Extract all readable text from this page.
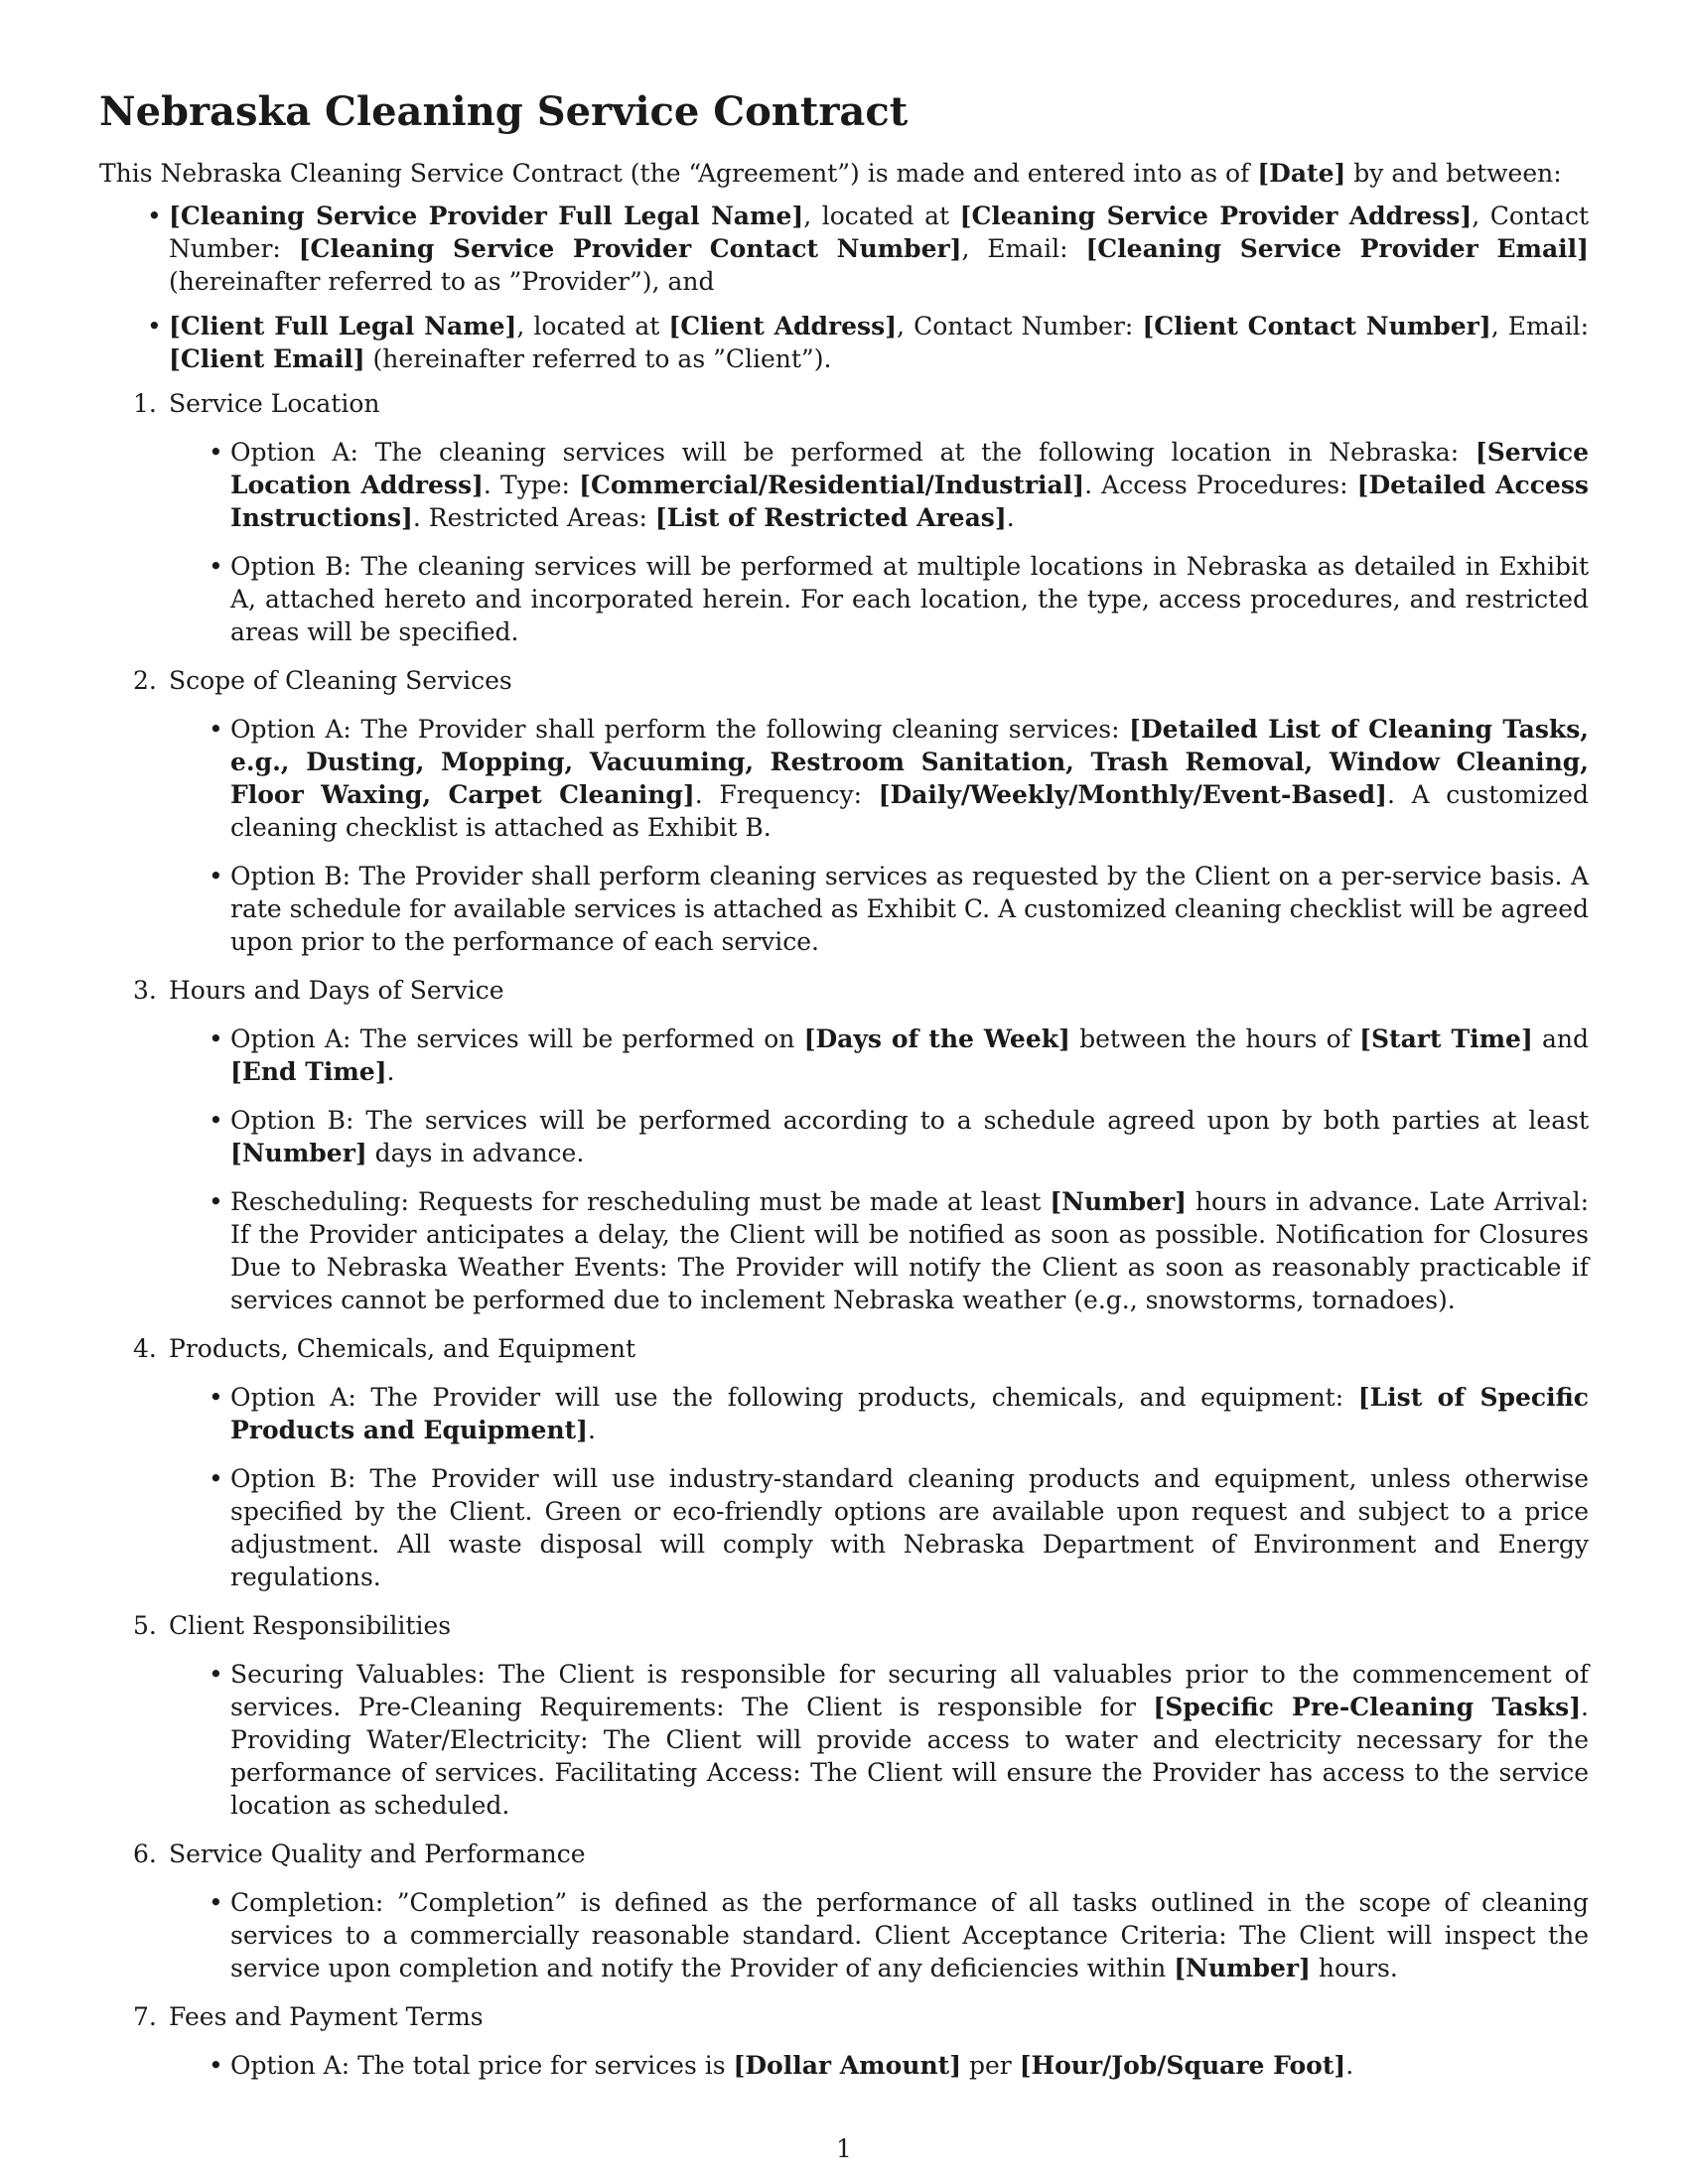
Nebraska Cleaning Service Contract

This Nebraska Cleaning Service Contract (the “Agreement”) is made and entered into as of [Date] by and between:

• [Cleaning Service Provider Full Legal Name], located at [Cleaning Service Provider Address], Contact Number: [Cleaning Service Provider Contact Number], Email: [Cleaning Service Provider Email] (hereinafter referred to as ”Provider”), and
• [Client Full Legal Name], located at [Client Address], Contact Number: [Client Contact Number], Email: [Client Email] (hereinafter referred to as ”Client”).
1. Service Location
• Option A: The cleaning services will be performed at the following location in Nebraska: [Service Location Address]. Type: [Commercial/Residential/Industrial]. Access Procedures: [Detailed Access Instructions]. Restricted Areas: [List of Restricted Areas].
• Option B: The cleaning services will be performed at multiple locations in Nebraska as detailed in Exhibit A, attached hereto and incorporated herein. For each location, the type, access procedures, and restricted areas will be specified.
2. Scope of Cleaning Services
• Option A: The Provider shall perform the following cleaning services: [Detailed List of Cleaning Tasks, e.g., Dusting, Mopping, Vacuuming, Restroom Sanitation, Trash Removal, Window Cleaning, Floor Waxing, Carpet Cleaning]. Frequency: [Daily/Weekly/Monthly/Event-Based]. A customized cleaning checklist is attached as Exhibit B.
• Option B: The Provider shall perform cleaning services as requested by the Client on a per-service basis. A rate schedule for available services is attached as Exhibit C. A customized cleaning checklist will be agreed upon prior to the performance of each service.
3. Hours and Days of Service
• Option A: The services will be performed on [Days of the Week] between the hours of [Start Time] and [End Time].
• Option B: The services will be performed according to a schedule agreed upon by both parties at least [Number] days in advance.
• Rescheduling: Requests for rescheduling must be made at least [Number] hours in advance. Late Arrival: If the Provider anticipates a delay, the Client will be notified as soon as possible. Notification for Closures Due to Nebraska Weather Events: The Provider will notify the Client as soon as reasonably practicable if services cannot be performed due to inclement Nebraska weather (e.g., snowstorms, tornadoes).
4. Products, Chemicals, and Equipment
• Option A: The Provider will use the following products, chemicals, and equipment: [List of Specific Products and Equipment].
• Option B: The Provider will use industry-standard cleaning products and equipment, unless otherwise specified by the Client. Green or eco-friendly options are available upon request and subject to a price adjustment. All waste disposal will comply with Nebraska Department of Environment and Energy regulations.
5. Client Responsibilities
• Securing Valuables: The Client is responsible for securing all valuables prior to the commencement of services. Pre-Cleaning Requirements: The Client is responsible for [Specific Pre-Cleaning Tasks]. Providing Water/Electricity: The Client will provide access to water and electricity necessary for the performance of services. Facilitating Access: The Client will ensure the Provider has access to the service location as scheduled.
6. Service Quality and Performance
• Completion: ”Completion” is defined as the performance of all tasks outlined in the scope of cleaning services to a commercially reasonable standard. Client Acceptance Criteria: The Client will inspect the service upon completion and notify the Provider of any deficiencies within [Number] hours.
7. Fees and Payment Terms
• Option A: The total price for services is [Dollar Amount] per [Hour/Job/Square Foot].
1
